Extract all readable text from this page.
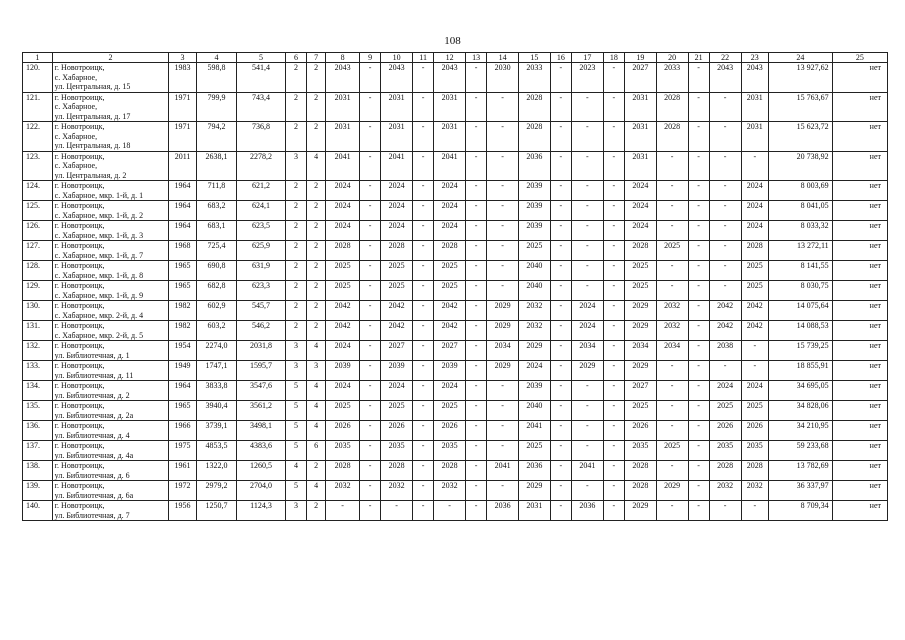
108
1	2	3	4	5	6	7	8	9	10	11	12	13	14	15	16	17	18	19	20	21	22	23	24	25
120.	г. Новотроицк,
с. Хабарное,
ул. Центральная, д. 15	1983	598,8	541,4	2	2	2043	-	2043	-	2043	-	2030	2033	-	2023	-	2027	2033	-	2043	2043	13 927,62	нет
121.	г. Новотроицк,
с. Хабарное,
ул. Центральная, д. 17	1971	799,9	743,4	2	2	2031	-	2031	-	2031	-	-	2028	-	-	-	2031	2028	-	-	2031	15 763,67	нет
122.	г. Новотроицк,
с. Хабарное,
ул. Центральная, д. 18	1971	794,2	736,8	2	2	2031	-	2031	-	2031	-	-	2028	-	-	-	2031	2028	-	-	2031	15 623,72	нет
123.	г. Новотроицк,
с. Хабарное,
ул. Центральная, д. 2	2011	2638,1	2278,2	3	4	2041	-	2041	-	2041	-	-	2036	-	-	-	2031	-	-	-	-	20 738,92	нет
124.	г. Новотроицк,
с. Хабарное, мкр. 1-й, д. 1	1964	711,8	621,2	2	2	2024	-	2024	-	2024	-	-	2039	-	-	-	2024	-	-	-	2024	8 003,69	нет
125.	г. Новотроицк,
с. Хабарное, мкр. 1-й, д. 2	1964	683,2	624,1	2	2	2024	-	2024	-	2024	-	-	2039	-	-	-	2024	-	-	-	2024	8 041,05	нет
126.	г. Новотроицк,
с. Хабарное, мкр. 1-й, д. 3	1964	683,1	623,5	2	2	2024	-	2024	-	2024	-	-	2039	-	-	-	2024	-	-	-	2024	8 033,32	нет
127.	г. Новотроицк,
с. Хабарное, мкр. 1-й, д. 7	1968	725,4	625,9	2	2	2028	-	2028	-	2028	-	-	2025	-	-	-	2028	2025	-	-	2028	13 272,11	нет
128.	г. Новотроицк,
с. Хабарное, мкр. 1-й, д. 8	1965	690,8	631,9	2	2	2025	-	2025	-	2025	-	-	2040	-	-	-	2025	-	-	-	2025	8 141,55	нет
129.	г. Новотроицк,
с. Хабарное, мкр. 1-й, д. 9	1965	682,8	623,3	2	2	2025	-	2025	-	2025	-	-	2040	-	-	-	2025	-	-	-	2025	8 030,75	нет
130.	г. Новотроицк,
с. Хабарное, мкр. 2-й, д. 4	1982	602,9	545,7	2	2	2042	-	2042	-	2042	-	2029	2032	-	2024	-	2029	2032	-	2042	2042	14 075,64	нет
131.	г. Новотроицк,
с. Хабарное, мкр. 2-й, д. 5	1982	603,2	546,2	2	2	2042	-	2042	-	2042	-	2029	2032	-	2024	-	2029	2032	-	2042	2042	14 088,53	нет
132.	г. Новотроицк,
ул. Библиотечная, д. 1	1954	2274,0	2031,8	3	4	2024	-	2027	-	2027	-	2034	2029	-	2034	-	2034	2034	-	2038	-	15 739,25	нет
133.	г. Новотроицк,
ул. Библиотечная, д. 11	1949	1747,1	1595,7	3	3	2039	-	2039	-	2039	-	2029	2024	-	2029	-	2029	-	-	-	-	18 855,91	нет
134.	г. Новотроицк,
ул. Библиотечная, д. 2	1964	3833,8	3547,6	5	4	2024	-	2024	-	2024	-	-	2039	-	-	-	2027	-	-	2024	2024	34 695,05	нет
135.	г. Новотроицк,
ул. Библиотечная, д. 2а	1965	3940,4	3561,2	5	4	2025	-	2025	-	2025	-	-	2040	-	-	-	2025	-	-	2025	2025	34 828,06	нет
136.	г. Новотроицк,
ул. Библиотечная, д. 4	1966	3739,1	3498,1	5	4	2026	-	2026	-	2026	-	-	2041	-	-	-	2026	-	-	2026	2026	34 210,95	нет
137.	г. Новотроицк,
ул. Библиотечная, д. 4а	1975	4853,5	4383,6	5	6	2035	-	2035	-	2035	-	-	2025	-	-	-	2035	2025	-	2035	2035	59 233,68	нет
138.	г. Новотроицк,
ул. Библиотечная, д. 6	1961	1322,0	1260,5	4	2	2028	-	2028	-	2028	-	2041	2036	-	2041	-	2028	-	-	2028	2028	13 782,69	нет
139.	г. Новотроицк,
ул. Библиотечная, д. 6а	1972	2979,2	2704,0	5	4	2032	-	2032	-	2032	-	-	2029	-	-	-	2028	2029	-	2032	2032	36 337,97	нет
140.	г. Новотроицк,
ул. Библиотечная, д. 7	1956	1250,7	1124,3	3	2	-	-	-	-	-	-	2036	2031	-	2036	-	2029	-	-	-	-	8 709,34	нет
